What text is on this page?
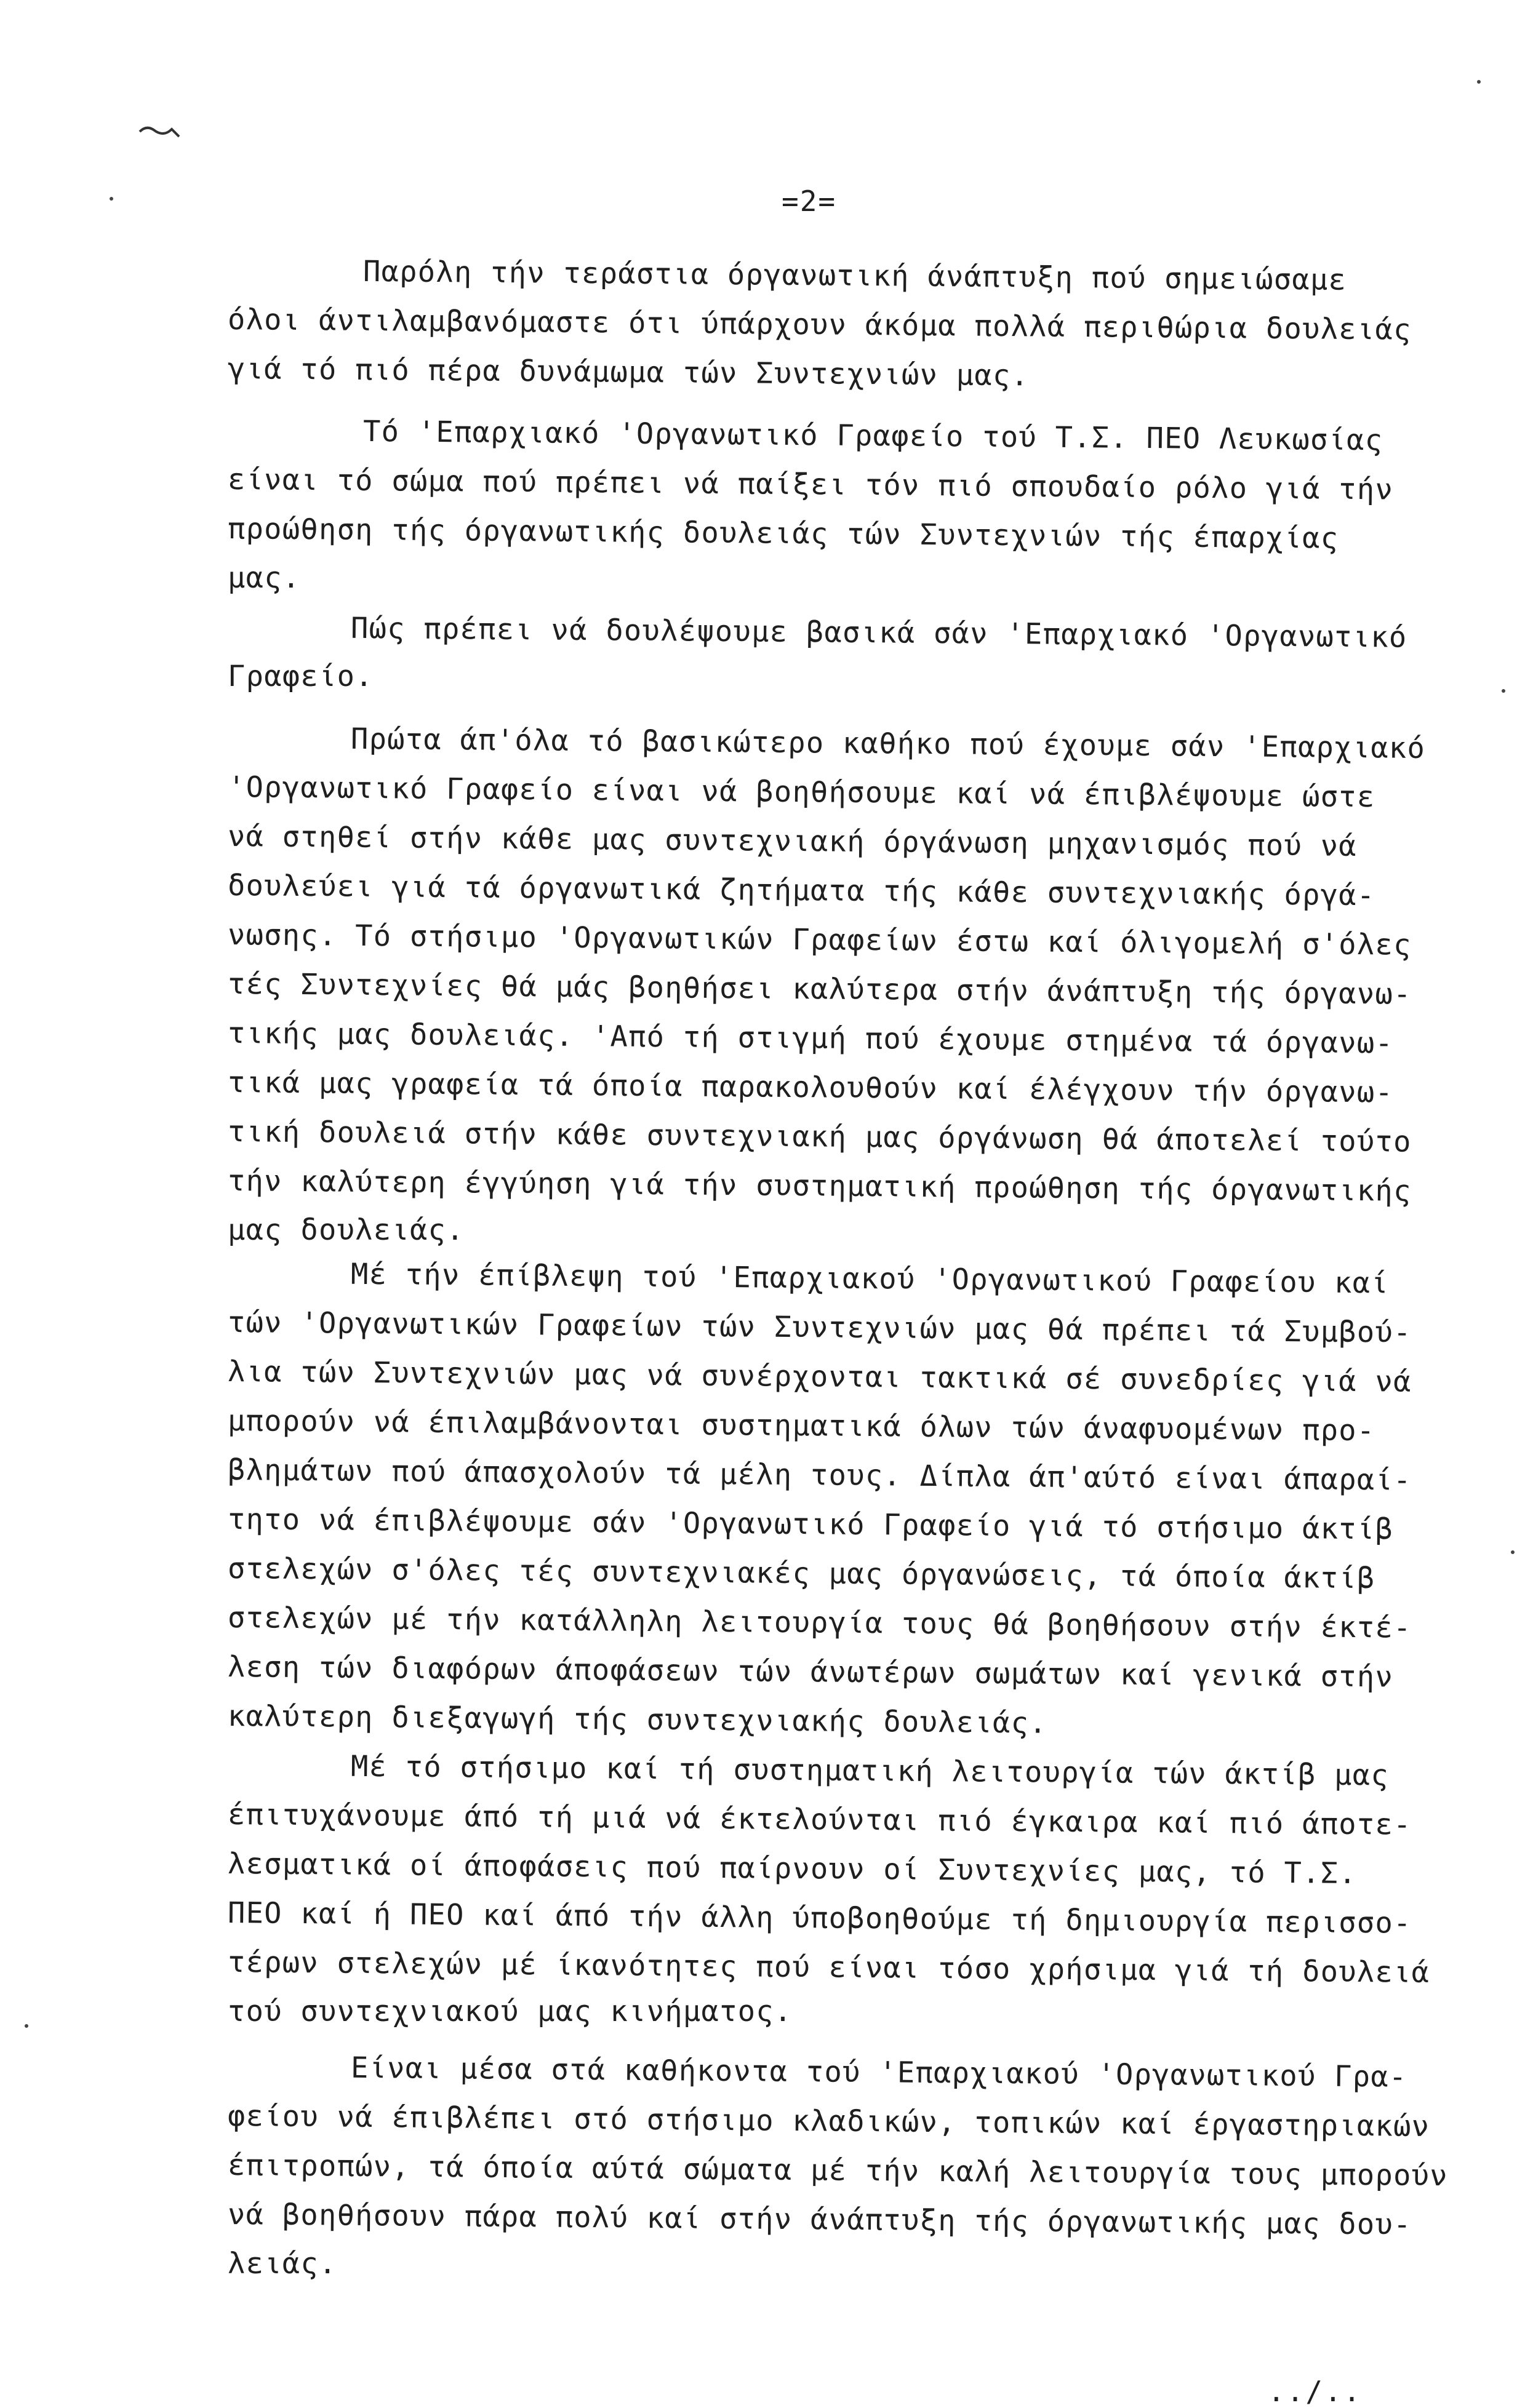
=2=
Παρόλη τήν τεράστια όργανωτική άνάπτυξη πού σημειώσαμε
όλοι άντιλαμβανόμαστε ότι ύπάρχουν άκόμα πολλά περιθώρια δουλειάς
γιά τό πιό πέρα δυνάμωμα τών Συντεχνιών μας.
Τό 'Επαρχιακό 'Οργανωτικό Γραφείο τού Τ.Σ. ΠΕΟ Λευκωσίας
είναι τό σώμα πού πρέπει νά παίξει τόν πιό σπουδαίο ρόλο γιά τήν
προώθηση τής όργανωτικής δουλειάς τών Συντεχνιών τής έπαρχίας
μας.
Πώς πρέπει νά δουλέψουμε βασικά σάν 'Επαρχιακό 'Οργανωτικό
Γραφείο.
Πρώτα άπ'όλα τό βασικώτερο καθήκο πού έχουμε σάν 'Επαρχιακό
'Οργανωτικό Γραφείο είναι νά βοηθήσουμε καί νά έπιβλέψουμε ώστε
νά στηθεί στήν κάθε μας συντεχνιακή όργάνωση μηχανισμός πού νά
δουλεύει γιά τά όργανωτικά ζητήματα τής κάθε συντεχνιακής όργά-
νωσης. Τό στήσιμο 'Οργανωτικών Γραφείων έστω καί όλιγομελή σ'όλες
τές Συντεχνίες θά μάς βοηθήσει καλύτερα στήν άνάπτυξη τής όργανω-
τικής μας δουλειάς. 'Από τή στιγμή πού έχουμε στημένα τά όργανω-
τικά μας γραφεία τά όποία παρακολουθούν καί έλέγχουν τήν όργανω-
τική δουλειά στήν κάθε συντεχνιακή μας όργάνωση θά άποτελεί τούτο
τήν καλύτερη έγγύηση γιά τήν συστηματική προώθηση τής όργανωτικής
μας δουλειάς.
Μέ τήν έπίβλεψη τού 'Επαρχιακού 'Οργανωτικού Γραφείου καί
τών 'Οργανωτικών Γραφείων τών Συντεχνιών μας θά πρέπει τά Συμβού-
λια τών Συντεχνιών μας νά συνέρχονται τακτικά σέ συνεδρίες γιά νά
μπορούν νά έπιλαμβάνονται συστηματικά όλων τών άναφυομένων προ-
βλημάτων πού άπασχολούν τά μέλη τους. Δίπλα άπ'αύτό είναι άπαραί-
τητο νά έπιβλέψουμε σάν 'Οργανωτικό Γραφείο γιά τό στήσιμο άκτίβ
στελεχών σ'όλες τές συντεχνιακές μας όργανώσεις, τά όποία άκτίβ
στελεχών μέ τήν κατάλληλη λειτουργία τους θά βοηθήσουν στήν έκτέ-
λεση τών διαφόρων άποφάσεων τών άνωτέρων σωμάτων καί γενικά στήν
καλύτερη διεξαγωγή τής συντεχνιακής δουλειάς.
Μέ τό στήσιμο καί τή συστηματική λειτουργία τών άκτίβ μας
έπιτυχάνουμε άπό τή μιά νά έκτελούνται πιό έγκαιρα καί πιό άποτε-
λεσματικά οί άποφάσεις πού παίρνουν οί Συντεχνίες μας, τό Τ.Σ.
ΠΕΟ καί ή ΠΕΟ καί άπό τήν άλλη ύποβοηθούμε τή δημιουργία περισσο-
τέρων στελεχών μέ ίκανότητες πού είναι τόσο χρήσιμα γιά τή δουλειά
τού συντεχνιακού μας κινήματος.
Είναι μέσα στά καθήκοντα τού 'Επαρχιακού 'Οργανωτικού Γρα-
φείου νά έπιβλέπει στό στήσιμο κλαδικών, τοπικών καί έργαστηριακών
έπιτροπών, τά όποία αύτά σώματα μέ τήν καλή λειτουργία τους μπορούν
νά βοηθήσουν πάρα πολύ καί στήν άνάπτυξη τής όργανωτικής μας δου-
λειάς.
../..
